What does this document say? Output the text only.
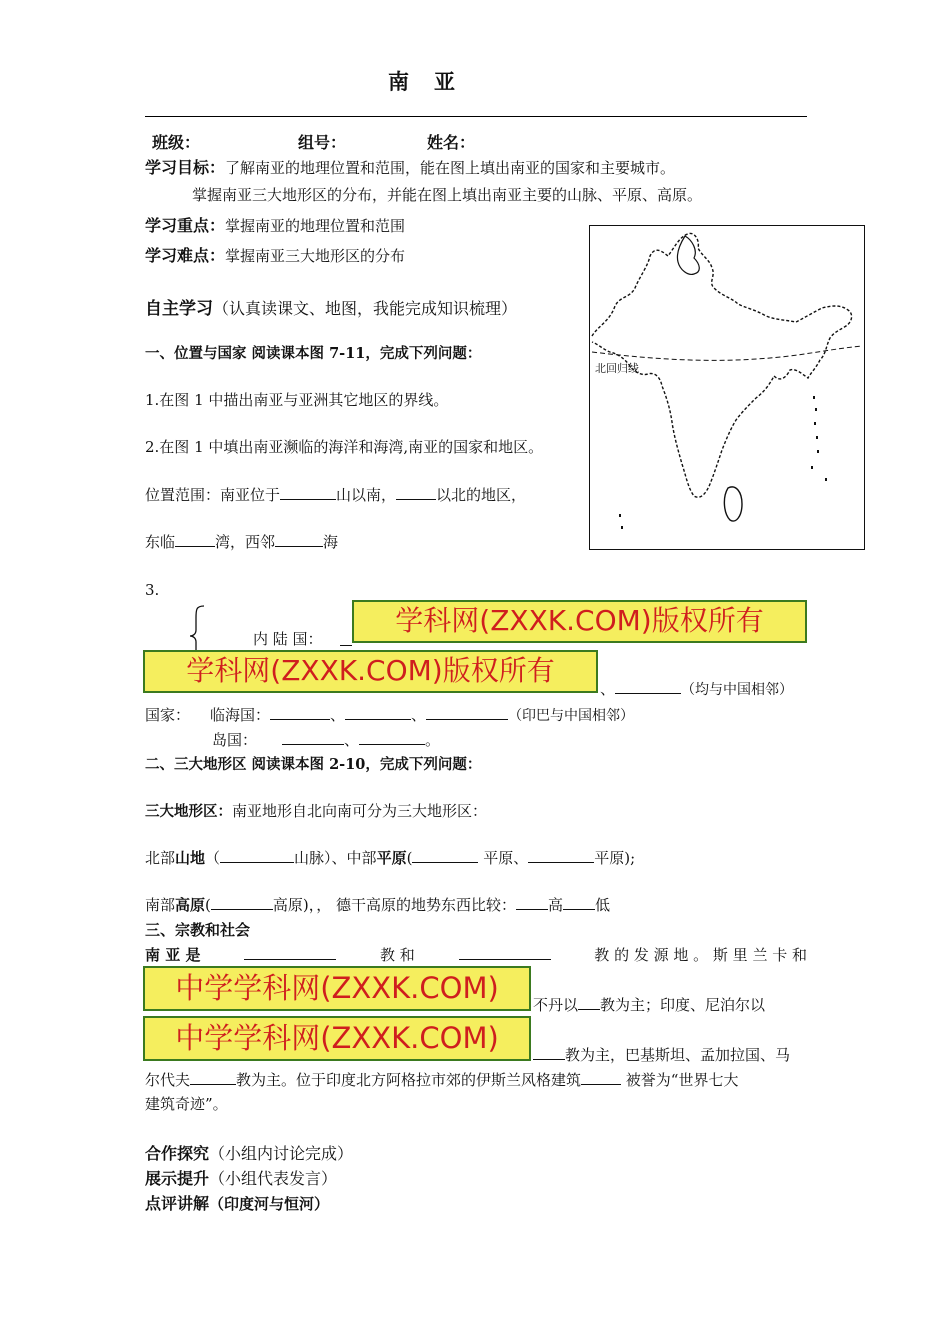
南　亚
班级：	组号：	姓名：
学习目标：了解南亚的地理位置和范围，能在图上填出南亚的国家和主要城市。
掌握南亚三大地形区的分布，并能在图上填出南亚主要的山脉、平原、高原。
学习重点：掌握南亚的地理位置和范围
学习难点：掌握南亚三大地形区的分布
自主学习（认真读课文、地图，我能完成知识梳理）
一、位置与国家 阅读课本图 7-11，完成下列问题：
1.在图 1 中描出南亚与亚洲其它地区的界线。
2.在图 1 中填出南亚濒临的海洋和海湾,南亚的国家和地区。
位置范围：南亚位于	山以南，	以北的地区，
东临	湾，西邻	海
北回归线
3.
内 陆 国：
学科网(ZXXK.COM)版权所有
学科网(ZXXK.COM)版权所有
、	（均与中国相邻）
国家： 临海国：	、	、	（印巴与中国相邻）
岛国：	、	。
二、三大地形区 阅读课本图 2-10，完成下列问题：
三大地形区：南亚地形自北向南可分为三大地形区：
北部山地（	山脉）、中部平原(	平原、	平原);
南部高原(	高原)，， 德干高原的地势东西比较： 高 低
三、宗教和社会
南 亚 是	教 和	教 的 发 源 地 。 斯 里 兰 卡 和
中学学科网(ZXXK.COM)	不丹以 教为主；印度、尼泊尔以
中学学科网(ZXXK.COM)	教为主，巴基斯坦、孟加拉国、马
尔代夫	教为主。位于印度北方阿格拉市郊的伊斯兰风格建筑	被誉为“世界七大
建筑奇迹”。
合作探究（小组内讨论完成）
展示提升（小组代表发言）
点评讲解（印度河与恒河）
